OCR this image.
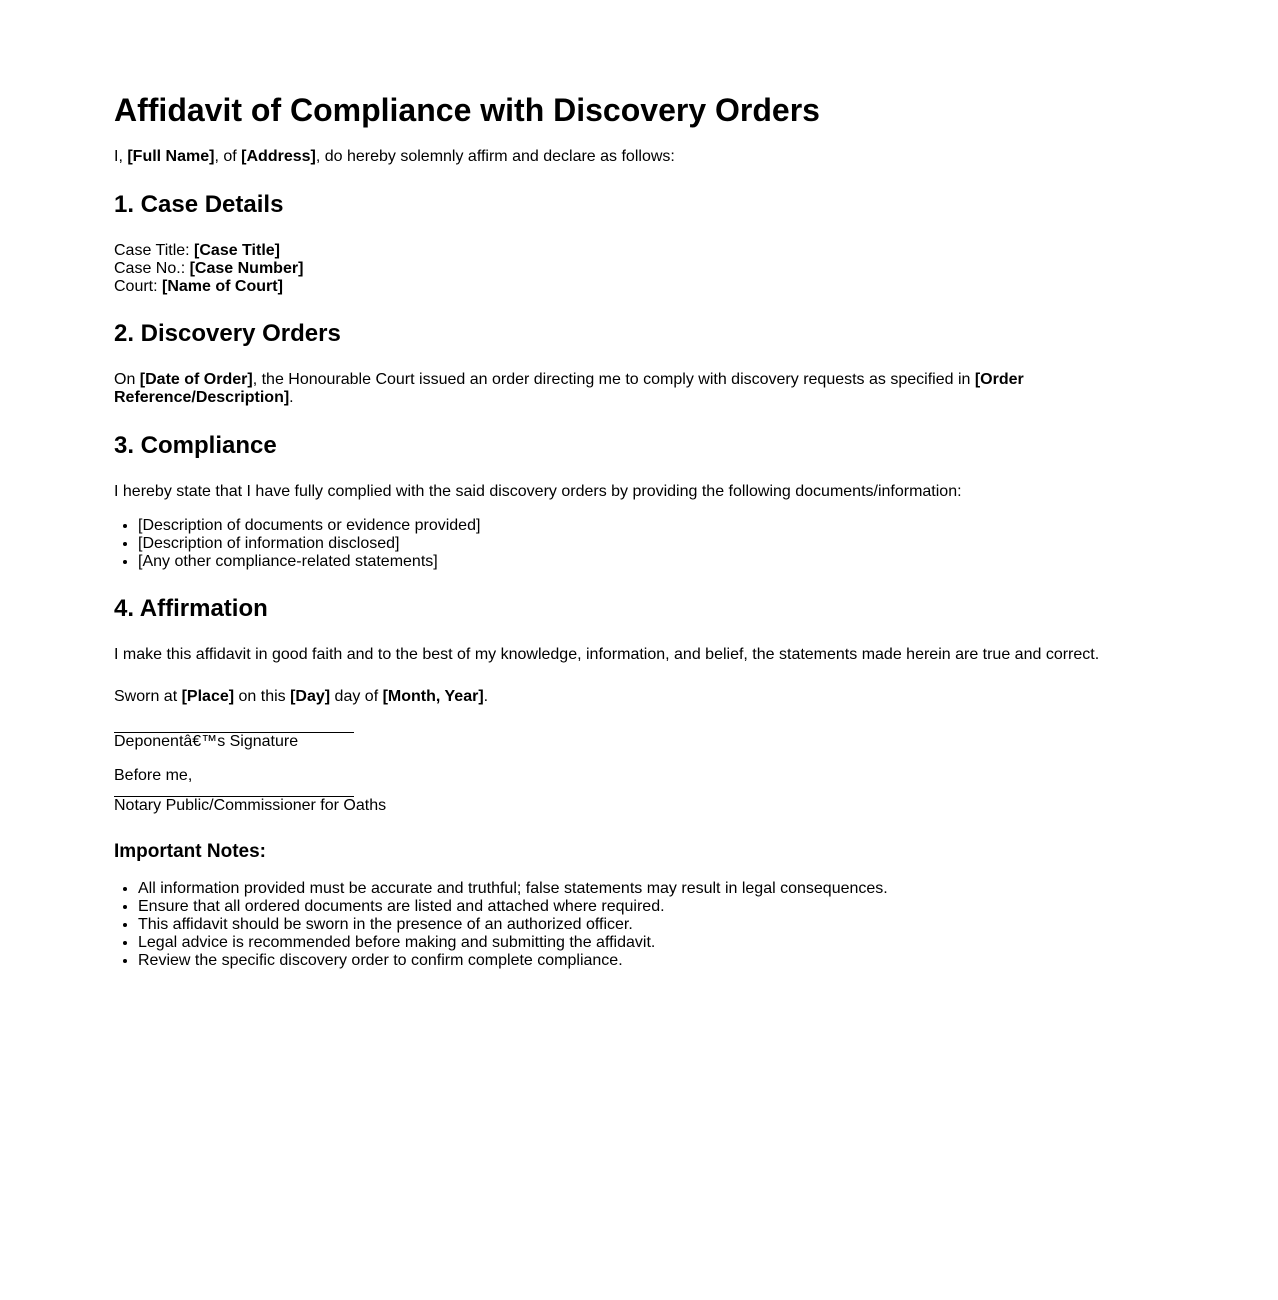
Affidavit of Compliance with Discovery Orders

I, [Full Name], of [Address], do hereby solemnly affirm and declare as follows:

1. Case Details
Case Title: [Case Title]
Case No.: [Case Number]
Court: [Name of Court]
2. Discovery Orders

On [Date of Order], the Honourable Court issued an order directing me to comply with discovery requests as specified in [Order Reference/Description].

3. Compliance

I hereby state that I have fully complied with the said discovery orders by providing the following documents/information:

• [Description of documents or evidence provided]
• [Description of information disclosed]
• [Any other compliance-related statements]
4. Affirmation

I make this affidavit in good faith and to the best of my knowledge, information, and belief, the statements made herein are true and correct.

Sworn at [Place] on this [Day] day of [Month, Year].

Deponentâ€™s Signature
Before me,
Notary Public/Commissioner for Oaths
Important Notes:
• All information provided must be accurate and truthful; false statements may result in legal consequences.
• Ensure that all ordered documents are listed and attached where required.
• This affidavit should be sworn in the presence of an authorized officer.
• Legal advice is recommended before making and submitting the affidavit.
• Review the specific discovery order to confirm complete compliance.
